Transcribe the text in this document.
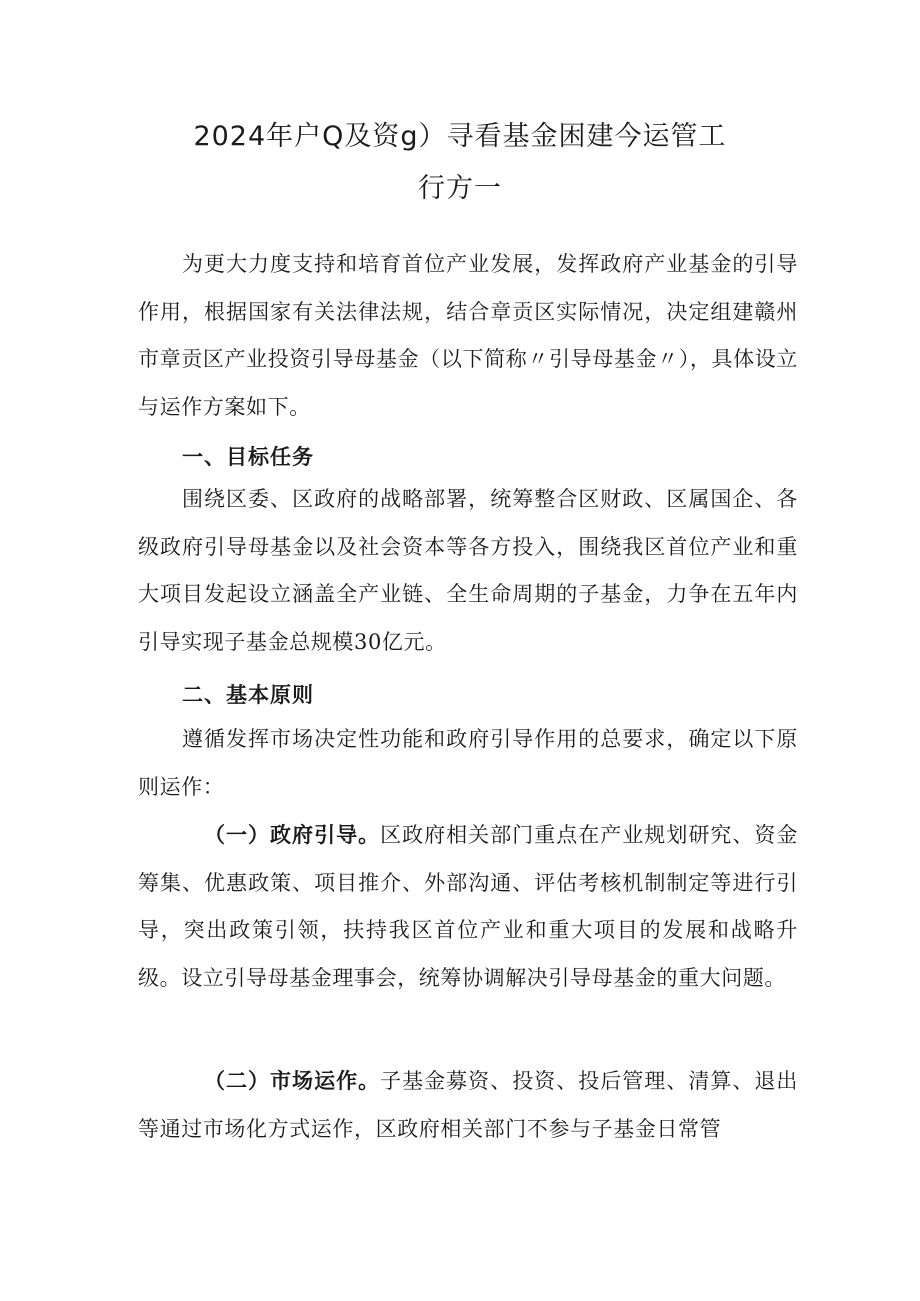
2024年户Q及资g）寻看基金困建今运管工
行方一
为更大力度支持和培育首位产业发展，发挥政府产业基金的引导作用，根据国家有关法律法规，结合章贡区实际情况，决定组建赣州市章贡区产业投资引导母基金（以下简称〃引导母基金〃），具体设立与运作方案如下。
一、目标任务
围绕区委、区政府的战略部署，统筹整合区财政、区属国企、各级政府引导母基金以及社会资本等各方投入，围绕我区首位产业和重大项目发起设立涵盖全产业链、全生命周期的子基金，力争在五年内引导实现子基金总规模30亿元。
二、基本原则
遵循发挥市场决定性功能和政府引导作用的总要求，确定以下原则运作：
（一）政府引导。区政府相关部门重点在产业规划研究、资金筹集、优惠政策、项目推介、外部沟通、评估考核机制制定等进行引导，突出政策引领，扶持我区首位产业和重大项目的发展和战略升级。设立引导母基金理事会，统筹协调解决引导母基金的重大问题。
（二）市场运作。子基金募资、投资、投后管理、清算、退出等通过市场化方式运作，区政府相关部门不参与子基金日常管
